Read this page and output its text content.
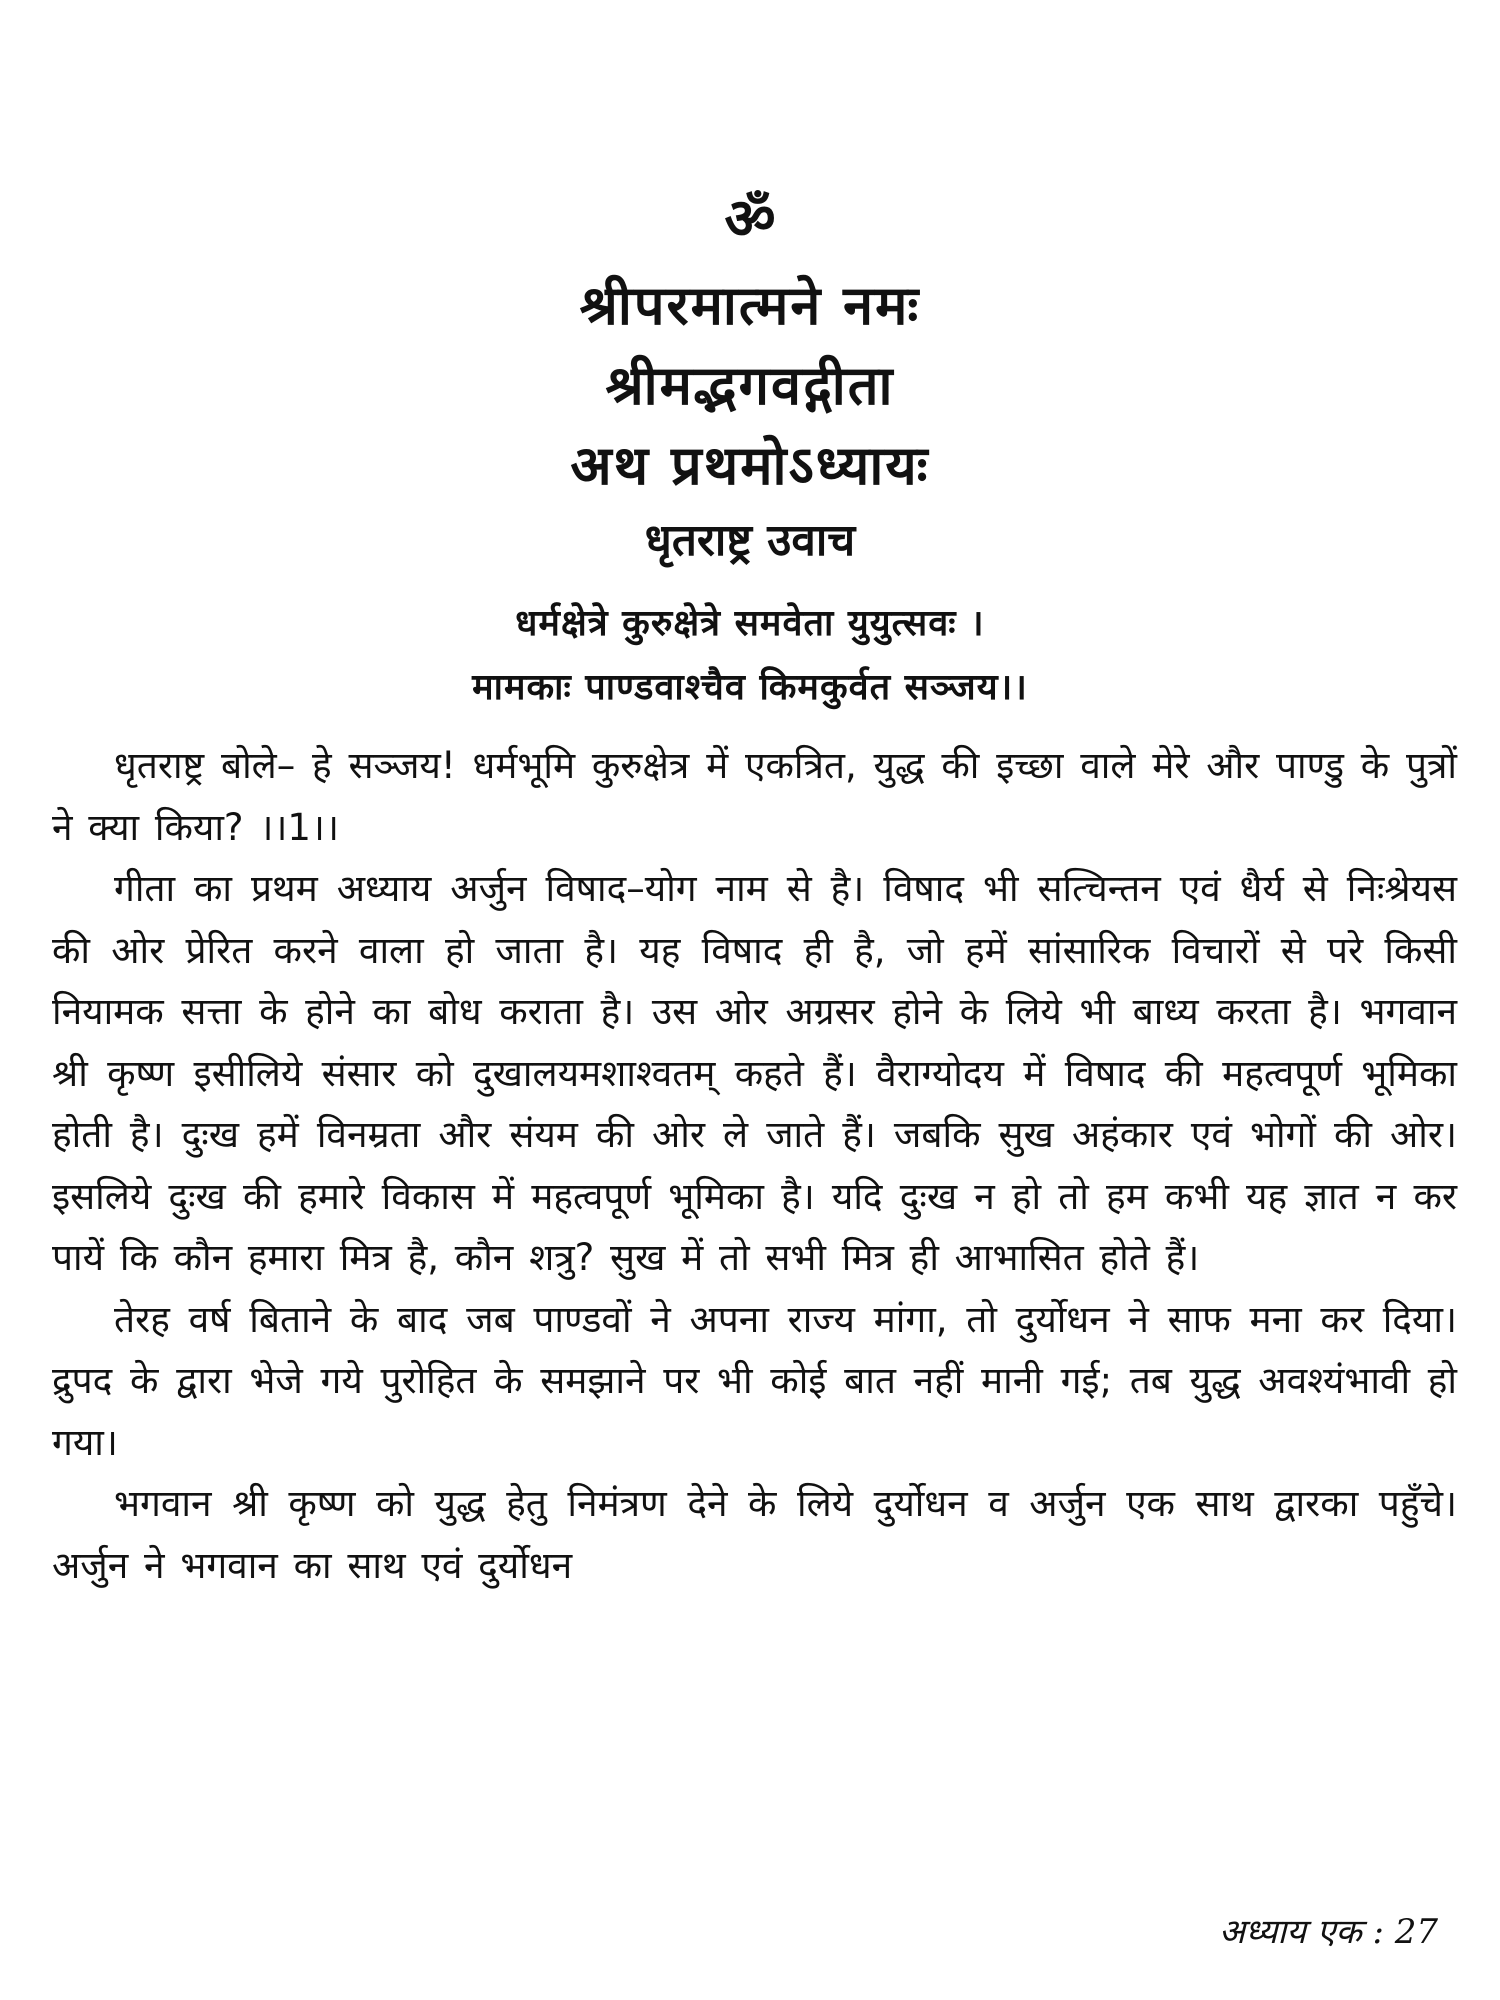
ॐ
श्रीपरमात्मने नमः
श्रीमद्भगवद्गीता
अथ प्रथमोऽध्यायः
धृतराष्ट्र उवाच
धर्मक्षेत्रे कुरुक्षेत्रे समवेता युयुत्सवः ।
मामकाः पाण्डवाश्चैव किमकुर्वत सञ्जय।।

धृतराष्ट्र बोले– हे सञ्जय! धर्मभूमि कुरुक्षेत्र में एकत्रित, युद्ध की इच्छा वाले मेरे और पाण्डु के पुत्रों ने क्या किया? ।।1।।

गीता का प्रथम अध्याय अर्जुन विषाद–योग नाम से है। विषाद भी सत्चिन्तन एवं धैर्य से निःश्रेयस की ओर प्रेरित करने वाला हो जाता है। यह विषाद ही है, जो हमें सांसारिक विचारों से परे किसी नियामक सत्ता के होने का बोध कराता है। उस ओर अग्रसर होने के लिये भी बाध्य करता है। भगवान श्री कृष्ण इसीलिये संसार को दुखालयमशाश्वतम् कहते हैं। वैराग्योदय में विषाद की महत्वपूर्ण भूमिका होती है। दुःख हमें विनम्रता और संयम की ओर ले जाते हैं। जबकि सुख अहंकार एवं भोगों की ओर। इसलिये दुःख की हमारे विकास में महत्वपूर्ण भूमिका है। यदि दुःख न हो तो हम कभी यह ज्ञात न कर पायें कि कौन हमारा मित्र है, कौन शत्रु? सुख में तो सभी मित्र ही आभासित होते हैं।

तेरह वर्ष बिताने के बाद जब पाण्डवों ने अपना राज्य मांगा, तो दुर्योधन ने साफ मना कर दिया। द्रुपद के द्वारा भेजे गये पुरोहित के समझाने पर भी कोई बात नहीं मानी गई; तब युद्ध अवश्यंभावी हो गया।

भगवान श्री कृष्ण को युद्ध हेतु निमंत्रण देने के लिये दुर्योधन व अर्जुन एक साथ द्वारका पहुँचे। अर्जुन ने भगवान का साथ एवं दुर्योधन

अध्याय एक : 27
